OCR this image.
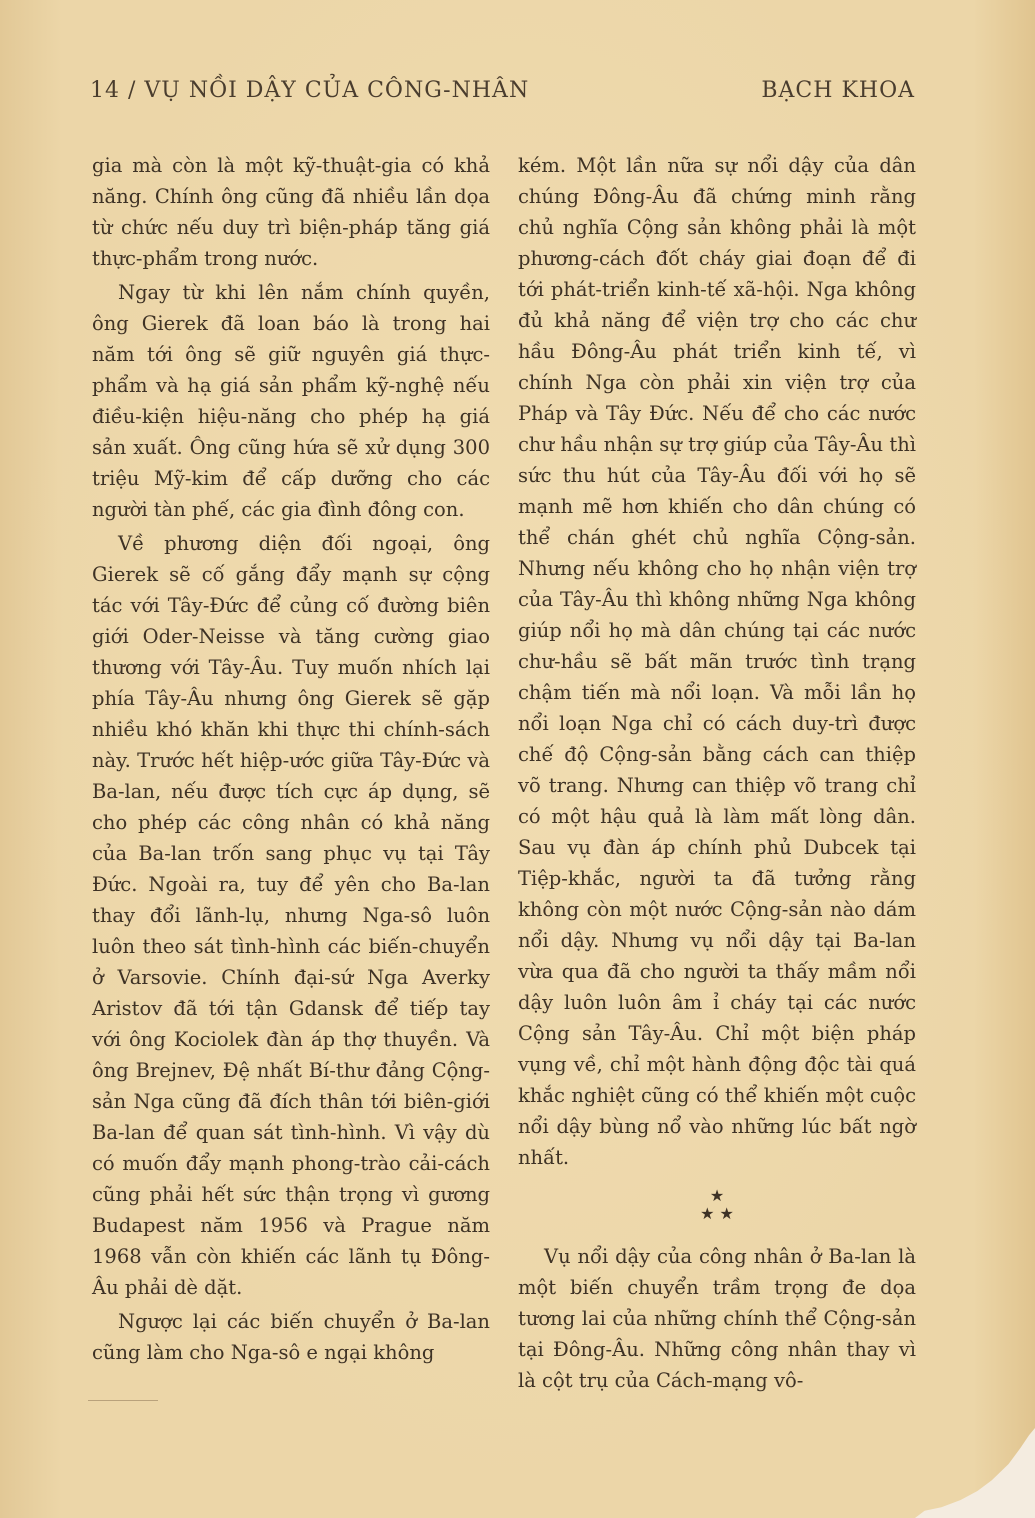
14 / VỤ NỒI DẬY CỦA CÔNG-NHÂN	BẠCH KHOA

gia mà còn là một kỹ-thuật-gia có khả năng. Chính ông cũng đã nhiều lần dọa từ chức nếu duy trì biện-pháp tăng giá thực-phẩm trong nước.

Ngay từ khi lên nắm chính quyền, ông Gierek đã loan báo là trong hai năm tới ông sẽ giữ nguyên giá thực-phẩm và hạ giá sản phẩm kỹ-nghệ nếu điều-kiện hiệu-năng cho phép hạ giá sản xuất. Ông cũng hứa sẽ xử dụng 300 triệu Mỹ-kim để cấp dưỡng cho các người tàn phế, các gia đình đông con.

Về phương diện đối ngoại, ông Gierek sẽ cố gắng đẩy mạnh sự cộng tác với Tây-Đức để củng cố đường biên giới Oder-Neisse và tăng cường giao thương với Tây-Âu. Tuy muốn nhích lại phía Tây-Âu nhưng ông Gierek sẽ gặp nhiều khó khăn khi thực thi chính-sách này. Trước hết hiệp-ước giữa Tây-Đức và Ba-lan, nếu được tích cực áp dụng, sẽ cho phép các công nhân có khả năng của Ba-lan trốn sang phục vụ tại Tây Đức. Ngoài ra, tuy để yên cho Ba-lan thay đổi lãnh-lụ, nhưng Nga-sô luôn luôn theo sát tình-hình các biến-chuyển ở Varsovie. Chính đại-sứ Nga Averky Aristov đã tới tận Gdansk để tiếp tay với ông Kociolek đàn áp thợ thuyền. Và ông Brejnev, Đệ nhất Bí-thư đảng Cộng-sản Nga cũng đã đích thân tới biên-giới Ba-lan để quan sát tình-hình. Vì vậy dù có muốn đẩy mạnh phong-trào cải-cách cũng phải hết sức thận trọng vì gương Budapest năm 1956 và Prague năm 1968 vẫn còn khiến các lãnh tụ Đông-Âu phải dè dặt.

Ngược lại các biến chuyển ở Ba-lan cũng làm cho Nga-sô e ngại không

kém. Một lần nữa sự nổi dậy của dân chúng Đông-Âu đã chứng minh rằng chủ nghĩa Cộng sản không phải là một phương-cách đốt cháy giai đoạn để đi tới phát-triển kinh-tế xã-hội. Nga không đủ khả năng để viện trợ cho các chư hầu Đông-Âu phát triển kinh tế, vì chính Nga còn phải xin viện trợ của Pháp và Tây Đức. Nếu để cho các nước chư hầu nhận sự trợ giúp của Tây-Âu thì sức thu hút của Tây-Âu đối với họ sẽ mạnh mẽ hơn khiến cho dân chúng có thể chán ghét chủ nghĩa Cộng-sản. Nhưng nếu không cho họ nhận viện trợ của Tây-Âu thì không những Nga không giúp nổi họ mà dân chúng tại các nước chư-hầu sẽ bất mãn trước tình trạng chậm tiến mà nổi loạn. Và mỗi lần họ nổi loạn Nga chỉ có cách duy-trì được chế độ Cộng-sản bằng cách can thiệp võ trang. Nhưng can thiệp võ trang chỉ có một hậu quả là làm mất lòng dân. Sau vụ đàn áp chính phủ Dubcek tại Tiệp-khắc, người ta đã tưởng rằng không còn một nước Cộng-sản nào dám nổi dậy. Nhưng vụ nổi dậy tại Ba-lan vừa qua đã cho người ta thấy mầm nổi dậy luôn luôn âm ỉ cháy tại các nước Cộng sản Tây-Âu. Chỉ một biện pháp vụng về, chỉ một hành động độc tài quá khắc nghiệt cũng có thể khiến một cuộc nổi dậy bùng nổ vào những lúc bất ngờ nhất.

★
★ ★

Vụ nổi dậy của công nhân ở Ba-lan là một biến chuyển trầm trọng đe dọa tương lai của những chính thể Cộng-sản tại Đông-Âu. Những công nhân thay vì là cột trụ của Cách-mạng vô-
